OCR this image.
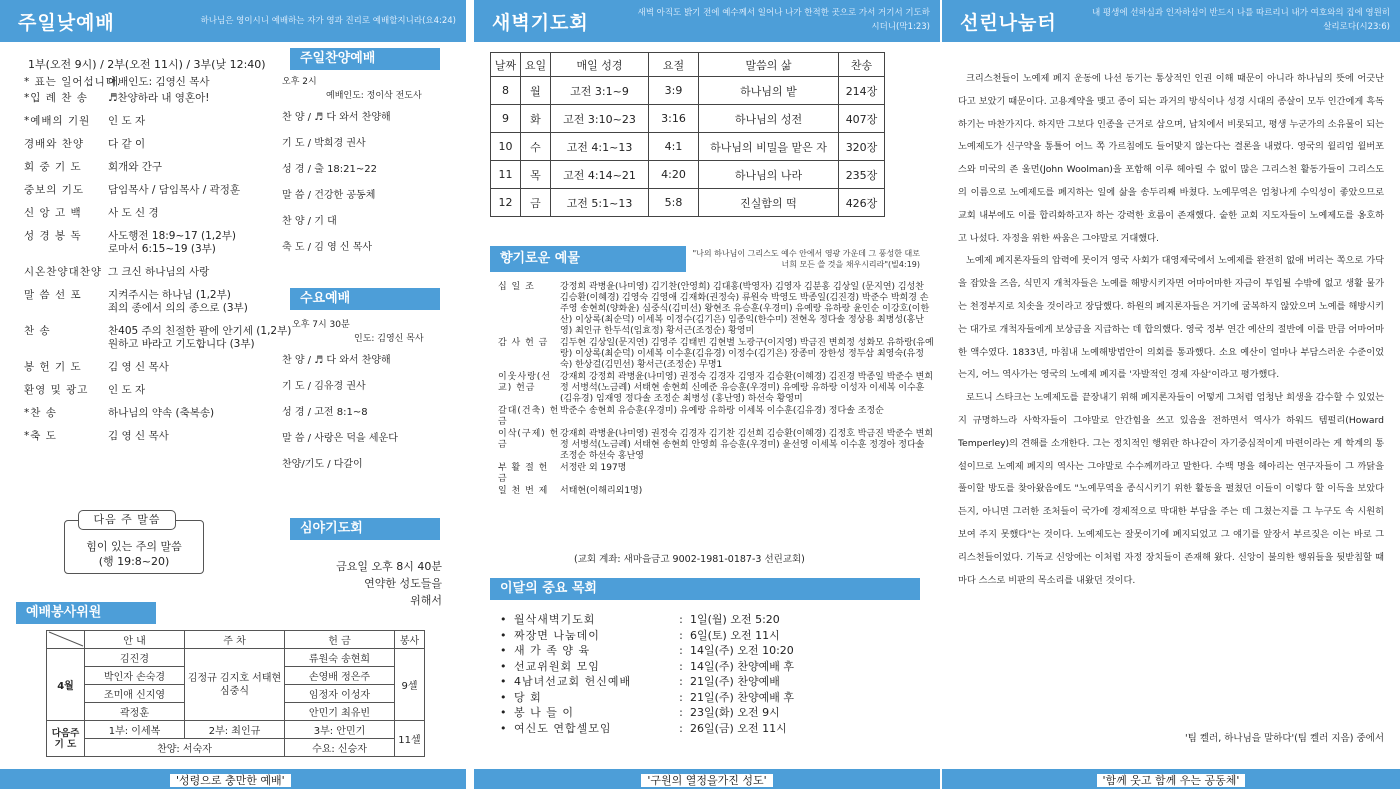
주일낮예배	하나님은 영이시니 예배하는 자가 영과 진리로 예배할지니라(요4:24)
1부(오전 9시) / 2부(오전 11시) / 3부(낮 12:40)
* 표는 일어섭니다.
예배인도: 김영신 목사
*입 례 찬 송	♬찬양하라 내 영혼아!
*예배의 기원	인 도 자
경배와 찬양	다 같 이
회 중 기 도	회개와 간구
중보의 기도	담임목사 / 담임목사 / 곽정훈
신 앙 고 백	사 도 신 경
성 경 봉 독	사도행전 18:9~17 (1,2부)
로마서 6:15~19 (3부)
시온찬양대찬양 그 크신 하나님의 사랑
말 씀 선 포	지켜주시는 하나님 (1,2부)
죄의 종에서 의의 종으로 (3부)
찬 송	찬405 주의 친절한 팔에 안기세 (1,2부)
원하고 바라고 기도합니다 (3부)
봉 헌 기 도	김 영 신 목사
환영 및 광고	인 도 자
*찬 송	하나님의 약속 (축복송)
*축 도	김 영 신 목사
주일찬양예배
오후 2시
예배인도: 정이삭 전도사
찬 양 / ♬ 다 와서 찬양해
기 도 / 박희경 권사
성 경 / 출 18:21~22
말 씀 / 건강한 공동체
찬 양 / 기 대
축 도 / 김 영 신 목사
수요예배
오후 7시 30분
인도: 김영신 목사
찬 양 / ♬ 다 와서 찬양해
기 도 / 김유경 권사
성 경 / 고전 8:1~8
말 씀 / 사랑은 덕을 세운다
찬양/기도 / 다갈이
심야기도회
금요일 오후 8시 40분
연약한 성도들을
위해서
힘이 있는 주의 말씀
(행 19:8~20)
다음 주 말씀
예배봉사위원
	안 내	주 차	헌 금	봉사
4월	김진경	김정규 김지호 서태현 심중식	류원숙 송현희	9셀
	박인자 손숙경		손영배 정은주	
	조미애 신지영		임정자 이성자	
	곽정훈		안민기 최유빈	
다음주 기 도	1부: 이세복	2부: 최인규	3부: 안민기	11셀
	찬양: 서숙자		수요: 신승자	
'성령으로 충만한 예배'
새벽기도회	새벽 아직도 밝기 전에 예수께서 일어나 나가 한적한 곳으로 가서 거기서 기도하시더니(막1:23)
날짜	요일	매일 성경	요절	말씀의 삶	찬송
8	월	고전 3:1~9	3:9	하나님의 밭	214장
9	화	고전 3:10~23	3:16	하나님의 성전	407장
10	수	고전 4:1~13	4:1	하나님의 비밀을 맡은 자	320장
11	목	고전 4:14~21	4:20	하나님의 나라	235장
12	금	고전 5:1~13	5:8	진실함의 떡	426장
향기로운 예물	"나의 하나님이 그리스도 예수 안에서 영광 가운데 그 풍성한 대로 너희 모든 쓸 것을 채우시리라"(빌4:19)
십 일 조	강정희 곽병윤(나미영) 김기찬(안영희) 김대홍(박영자) 김영자 김분홍 김상일 (문지연) 김성찬 김승환(이혜경) 김영숙 김영애 김재화(권정숙) 류원숙 박영도 박종일(김진경) 박준수 박희경 손주영 송현희(양화윤) 심중식(김미선) 왕현조 유승훈(우경미) 유예랑 유하랑 윤인순 이강호(이한산) 이상록(최순덕) 이세복 이정수(김기은) 임종익(한수미) 전현옥 정다솔 정상용 최병성(홍난영) 최인규 한두석(임효정) 황서근(조정순) 황영미
감 사 헌 금	김두현 김상일(문지연) 김영주 김태빈 김현별 노광구(이지영) 박금진 변희정 성화모 유하랑(유예랑) 이상록(최순덕) 이세복 이수훈(김유경) 이정수(김기은) 장종미 장한성 정두삼 최영숙(유정숙) 한상걸(김민선) 황서근(조정순) 무명1
이웃사랑(선교) 헌금
강재희 강정희 곽병윤(나미영) 권정숙 김경자 김영자 김승환(이혜경) 김진경 박종일 박준수 변희정 서병석(노금례) 서태현 송현희 신예준 유승훈(우경미) 유예랑 유하랑 이성자 이세복 이수훈(김유경) 임재영 정다솔 조정순 최병성 (홍난영) 하선숙 황영미
갈대(건축) 헌금
박준수 송현희 유승훈(우경미) 유예랑 유하랑 이세복 이수훈(김유경) 정다솔 조정순
이삭(구제) 헌금
강재희 곽병윤(나미영) 권정숙 김경자 김기찬 김선희 김승환(이혜경) 김정호 박금진 박준수 변희정 서병석(노금례) 서태현 송현희 안영희 유승훈(우경미) 윤선영 이세복 이수훈 정경아 정다솔 조정순 하선숙 홍난영
부 활 절 헌 금
서정란 외 197명
일 천 번 제	서태현(이해리외1명)
(교회 계좌: 새마을금고 9002-1981-0187-3 선린교회)
이달의 중요 목회
• 월삭새벽기도회	: 1일(월) 오전 5:20
• 짜장면 나눔데이	: 6일(토) 오전 11시
• 새 가 족 양 육	: 14일(주) 오전 10:20
• 선교위원회 모임	: 14일(주) 찬양예배 후
• 4남녀선교회 헌신예배	: 21일(주) 찬양예배
• 당 회	: 21일(주) 찬양예배 후
• 봉 나 들 이	: 23일(화) 오전 9시
• 여신도 연합셀모임	: 26일(금) 오전 11시
'구원의 열정을가진 성도'
선린나눔터	내 평생에 선하심과 인자하심이 반드시 나를 따르리니 내가 여호와의 집에 영원히 살리로다(시23:6)

크리스천들이 노예제 폐지 운동에 나선 동기는 통상적인 인권 이해 때문이 아니라 하나님의 뜻에 어긋난다고 보았기 때문이다. 고용계약을 맺고 종이 되는 과거의 방식이나 성경 시대의 종살이 모두 인간에게 흑독하기는 마찬가지다. 하지만 그보다 인종을 근거로 삼으며, 납치에서 비롯되고, 평생 누군가의 소유물이 되는 노예제도가 신구약을 통틀어 어느 쪽 가르침에도 들어맞지 않는다는 결론을 내렸다. 영국의 윌리엄 윌버포스와 미국의 존 울먼(John Woolman)을 포함해 이루 헤아릴 수 없이 많은 그리스천 활동가들이 그리스도의 이름으로 노예제도를 폐지하는 일에 삶을 송두리째 바쳤다. 노예무역은 엄청나게 수익성이 좋았으므로 교회 내부에도 이를 합리화하고자 하는 강력한 흐름이 존재했다. 숱한 교회 지도자들이 노예제도를 옹호하고 나섰다. 자정을 위한 싸움은 그야말로 거대했다.

노예제 폐지론자들의 압력에 못이겨 영국 사회가 대영제국에서 노예제를 완전히 없애 버리는 쪽으로 가닥을 잡았을 즈음, 식민지 개척자들은 노예를 해방시키자면 어마어마한 자금이 투입될 수밖에 없고 생활 물가는 천정부지로 치솟을 것이라고 장담했다. 하원의 폐지론자들은 거기에 굴복하지 않았으며 노예를 해방시키는 대가로 개척자들에게 보상금을 지급하는 데 합의했다. 영국 정부 연간 예산의 절반에 이를 만큼 어마어마한 액수였다. 1833년, 마침내 노예해방법안이 의회를 통과했다. 소요 예산이 얼마나 부담스러운 수준이었는지, 어느 역사가는 영국의 노예제 폐지를 '자발적인 경제 자살'이라고 평가했다.

로드니 스타크는 노예제도를 끝장내기 위해 폐지론자들이 어떻게 그처럼 엄청난 희생을 감수할 수 있었는지 규명하느라 사학자들이 그야말로 안간힘을 쓰고 있음을 전하면서 역사가 하워드 템펄리(Howard Temperley)의 견해를 소개한다. 그는 정치적인 행위란 하나같이 자기중심적이게 마련이라는 게 학계의 통설이므로 노예제 폐지의 역사는 그야말로 수수께끼라고 말한다. 수백 명을 헤아리는 연구자들이 그 까닭을 풀이할 방도를 찾아왔음에도 "노예무역을 종식시키기 위한 활동을 펼쳤던 이들이 이렇다 할 이득을 보았다든지, 아니면 그러한 조처들이 국가에 경제적으로 막대한 부담을 주는 데 그쳤는지를 그 누구도 속 시원히 보여 주지 못했다"는 것이다. 노예제도는 잘못이기에 폐지되었고 그 얘기를 앞장서 부르짖은 이는 바로 그리스천들이었다. 기독교 신앙에는 이처럼 자정 장치들이 존재해 왔다. 신앙이 불의한 행위들을 뒷받침할 때마다 스스로 비판의 목소리를 내왔던 것이다.

'팀 켈러, 하나님을 말하다'(팀 켈러 지음) 중에서
'함께 웃고 함께 우는 공동체'
